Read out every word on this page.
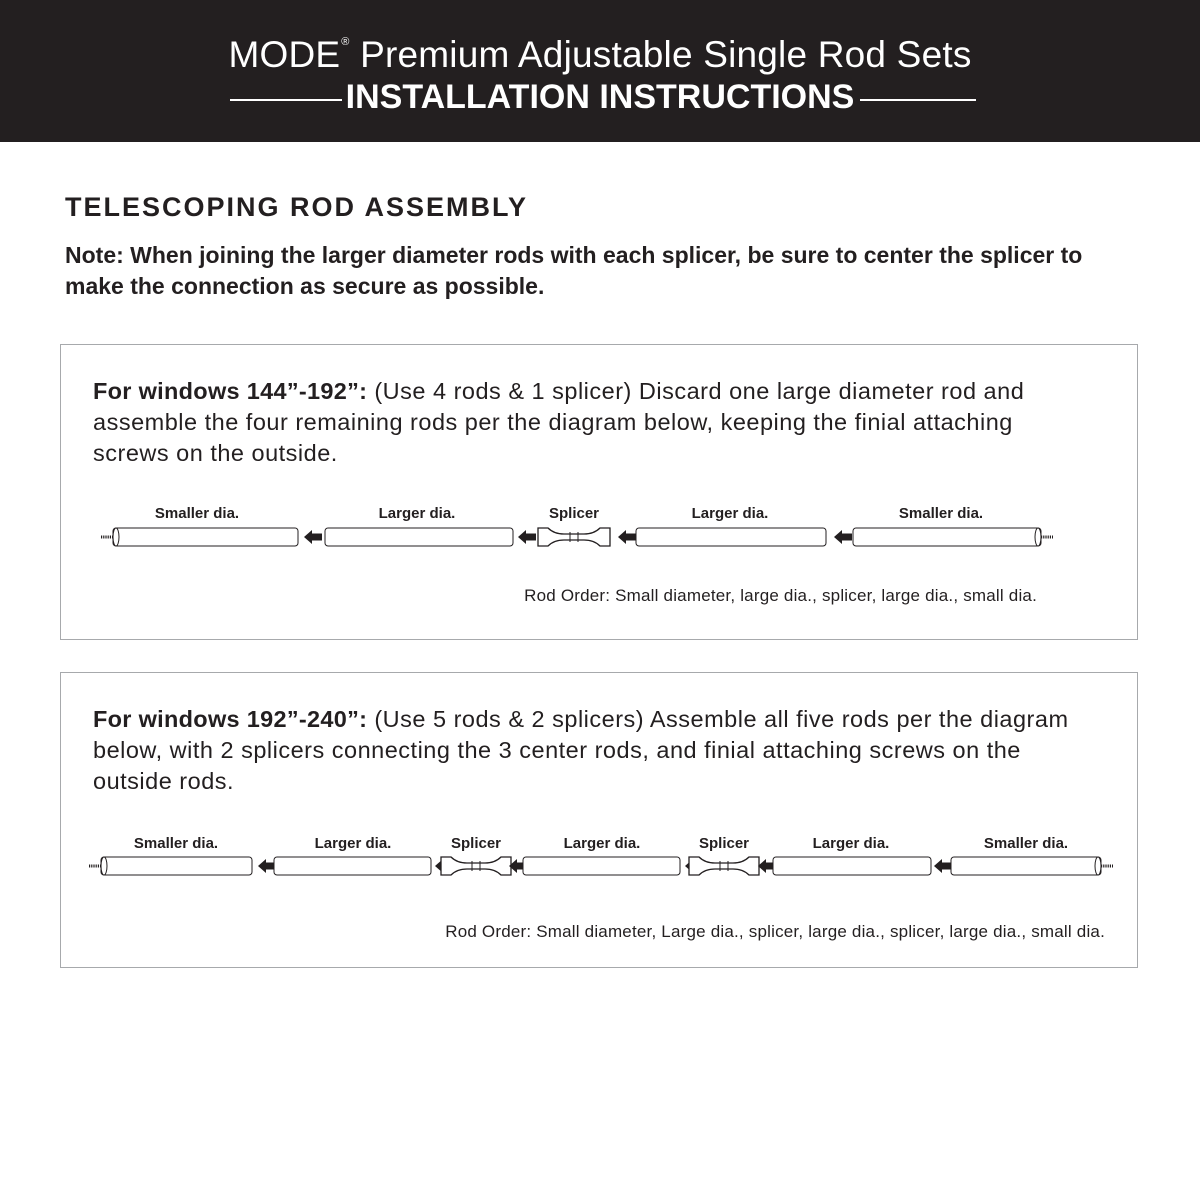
MODE® Premium Adjustable Single Rod Sets
INSTALLATION INSTRUCTIONS
TELESCOPING ROD ASSEMBLY
Note: When joining the larger diameter rods with each splicer, be sure to center the splicer to make the connection as secure as possible.
For windows 144”-192”: (Use 4 rods & 1 splicer) Discard one large diameter rod and assemble the four remaining rods per the diagram below, keeping the finial attaching screws on the outside.
Smaller dia.	Larger dia.	Splicer	Larger dia.	Smaller dia.
Rod Order: Small diameter, large dia., splicer, large dia., small dia.
For windows 192”-240”: (Use 5 rods & 2 splicers) Assemble all five rods per the diagram below, with 2 splicers connecting the 3 center rods, and finial attaching screws on the outside rods.
Smaller dia.	Larger dia.	Splicer	Larger dia.	Splicer	Larger dia.	Smaller dia.
Rod Order: Small diameter, Large dia., splicer, large dia., splicer, large dia., small dia.
